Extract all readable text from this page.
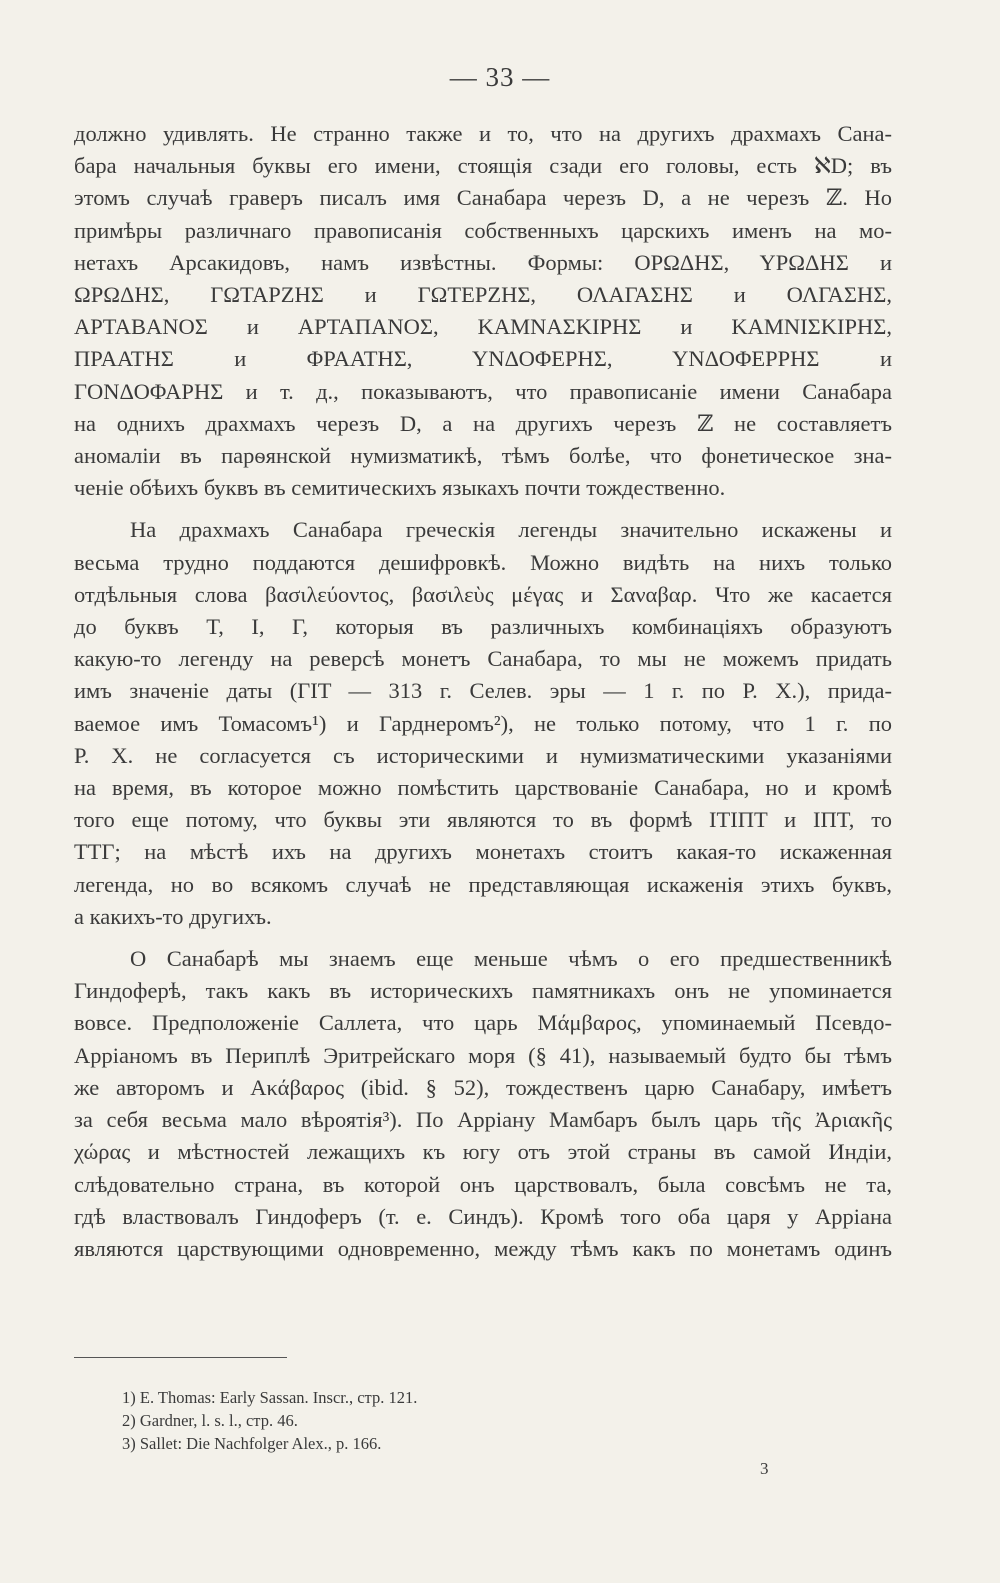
— 33 —

должно удивлять. Не странно также и то, что на другихъ драхмахъ Сана-

бара начальныя буквы его имени, стоящія сзади его головы, есть ℵD; въ

этомъ случаѣ граверъ писалъ имя Санабара черезъ D, а не черезъ ℤ. Но

примѣры различнаго правописанія собственныхъ царскихъ именъ на мо-

нетахъ Арсакидовъ, намъ извѣстны. Формы: ΟΡΩΔΗΣ, ΥΡΩΔΗΣ и

ΩΡΩΔΗΣ, ΓΩΤΑΡΖΗΣ и ΓΩΤΕΡΖΗΣ, ΟΛΑΓΑΣΗΣ и ΟΛΓΑΣΗΣ,

ΑΡΤΑΒΑΝΟΣ и ΑΡΤΑΠΑΝΟΣ, ΚΑΜΝΑΣΚΙΡΗΣ и ΚΑΜΝΙΣΚΙΡΗΣ,

ΠΡΑΑΤΗΣ и ΦΡΑΑΤΗΣ, ΥΝΔΟΦΕΡΗΣ, ΥΝΔΟΦΕΡΡΗΣ и

ΓΟΝΔΟΦΑΡΗΣ и т. д., показываютъ, что правописаніе имени Санабара

на однихъ драхмахъ черезъ D, а на другихъ черезъ ℤ не составляетъ

аномаліи въ парѳянской нумизматикѣ, тѣмъ болѣе, что фонетическое зна-

ченіе обѣихъ буквъ въ семитическихъ языкахъ почти тождественно.

На драхмахъ Санабара греческія легенды значительно искажены и

весьма трудно поддаются дешифровкѣ. Можно видѣть на нихъ только

отдѣльныя слова βασιλεύοντος, βασιλεὺς μέγας и Σαναβαρ. Что же касается

до буквъ Τ, Ι, Γ, которыя въ различныхъ комбинаціяхъ образуютъ

какую-то легенду на реверсѣ монетъ Санабара, то мы не можемъ придать

имъ значеніе даты (ΓΙΤ — 313 г. Селев. эры — 1 г. по Р. Х.), прида-

ваемое имъ Томасомъ¹) и Гарднеромъ²), не только потому, что 1 г. по

Р. Х. не согласуется съ историческими и нумизматическими указаніями

на время, въ которое можно помѣстить царствованіе Санабара, но и кромѣ

того еще потому, что буквы эти являются то въ формѣ ΙΤΙΠΤ и ΙΠΤ, то

ΤΤΓ; на мѣстѣ ихъ на другихъ монетахъ стоитъ какая-то искаженная

легенда, но во всякомъ случаѣ не представляющая искаженія этихъ буквъ,

а какихъ-то другихъ.

О Санабарѣ мы знаемъ еще меньше чѣмъ о его предшественникѣ

Гиндоферѣ, такъ какъ въ историческихъ памятникахъ онъ не упоминается

вовсе. Предположеніе Саллета, что царь Μάμβαρος, упоминаемый Псевдо-

Арріаномъ въ Периплѣ Эритрейскаго моря (§ 41), называемый будто бы тѣмъ

же авторомъ и Ακάβαρος (ibid. § 52), тождественъ царю Санабару, имѣетъ

за себя весьма мало вѣроятія³). По Арріану Мамбаръ былъ царь τῆς Ἀριακῆς

χώρας и мѣстностей лежащихъ къ югу отъ этой страны въ самой Индіи,

слѣдовательно страна, въ которой онъ царствовалъ, была совсѣмъ не та,

гдѣ властвовалъ Гиндоферъ (т. е. Синдъ). Кромѣ того оба царя у Арріана

являются царствующими одновременно, между тѣмъ какъ по монетамъ одинъ

1) E. Thomas: Early Sassan. Inscr., стр. 121.
2) Gardner, l. s. l., стр. 46.
3) Sallet: Die Nachfolger Alex., p. 166.
3
